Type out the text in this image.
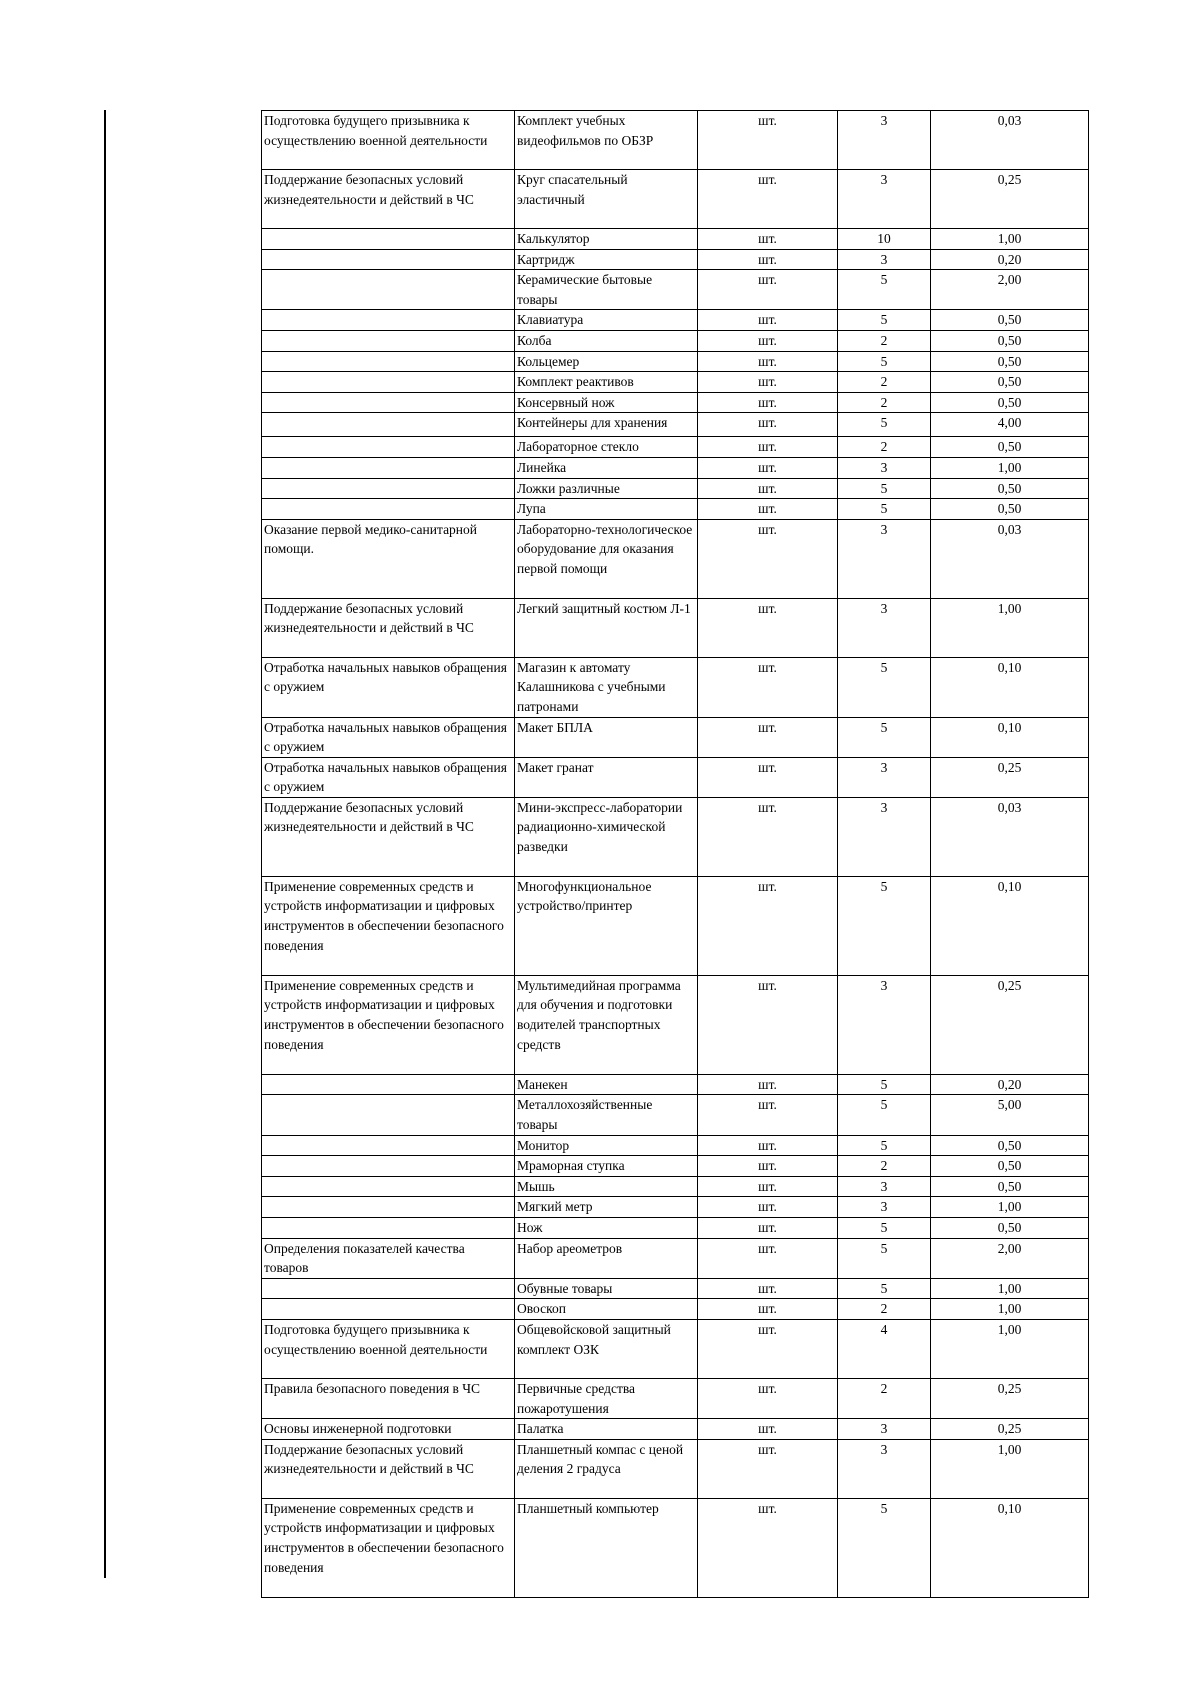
Подготовка будущего призывника к осуществлению военной деятельности	Комплект учебных видеофильмов по ОБЗР	шт.	3	0,03
Поддержание безопасных условий жизнедеятельности и действий в ЧС	Круг спасательный эластичный	шт.	3	0,25
	Калькулятор	шт.	10	1,00
	Картридж	шт.	3	0,20
	Керамические бытовые товары	шт.	5	2,00
	Клавиатура	шт.	5	0,50
	Колба	шт.	2	0,50
	Кольцемер	шт.	5	0,50
	Комплект реактивов	шт.	2	0,50
	Консервный нож	шт.	2	0,50
	Контейнеры для хранения	шт.	5	4,00
	Лабораторное стекло	шт.	2	0,50
	Линейка	шт.	3	1,00
	Ложки различные	шт.	5	0,50
	Лупа	шт.	5	0,50
Оказание первой медико-санитарной помощи.	Лабораторно-технологическое оборудование для оказания первой помощи	шт.	3	0,03
Поддержание безопасных условий жизнедеятельности и действий в ЧС	Легкий защитный костюм Л-1	шт.	3	1,00
Отработка начальных навыков обращения с оружием	Магазин к автомату Калашникова с учебными патронами	шт.	5	0,10
Отработка начальных навыков обращения с оружием	Макет БПЛА	шт.	5	0,10
Отработка начальных навыков обращения с оружием	Макет гранат	шт.	3	0,25
Поддержание безопасных условий жизнедеятельности и действий в ЧС	Мини-экспресс-лаборатории радиационно-химической разведки	шт.	3	0,03
Применение современных средств и устройств информатизации и цифровых инструментов в обеспечении безопасного поведения	Многофункциональное устройство/принтер	шт.	5	0,10
Применение современных средств и устройств информатизации и цифровых инструментов в обеспечении безопасного поведения	Мультимедийная программа для обучения и подготовки водителей транспортных средств	шт.	3	0,25
	Манекен	шт.	5	0,20
	Металлохозяйственные товары	шт.	5	5,00
	Монитор	шт.	5	0,50
	Мраморная ступка	шт.	2	0,50
	Мышь	шт.	3	0,50
	Мягкий метр	шт.	3	1,00
	Нож	шт.	5	0,50
Определения показателей качества товаров	Набор ареометров	шт.	5	2,00
	Обувные товары	шт.	5	1,00
	Овоскоп	шт.	2	1,00
Подготовка будущего призывника к осуществлению военной деятельности	Общевойсковой защитный комплект ОЗК	шт.	4	1,00
Правила безопасного поведения в ЧС	Первичные средства пожаротушения	шт.	2	0,25
Основы инженерной подготовки	Палатка	шт.	3	0,25
Поддержание безопасных условий жизнедеятельности и действий в ЧС	Планшетный компас с ценой деления 2 градуса	шт.	3	1,00
Применение современных средств и устройств информатизации и цифровых инструментов в обеспечении безопасного поведения	Планшетный компьютер	шт.	5	0,10
